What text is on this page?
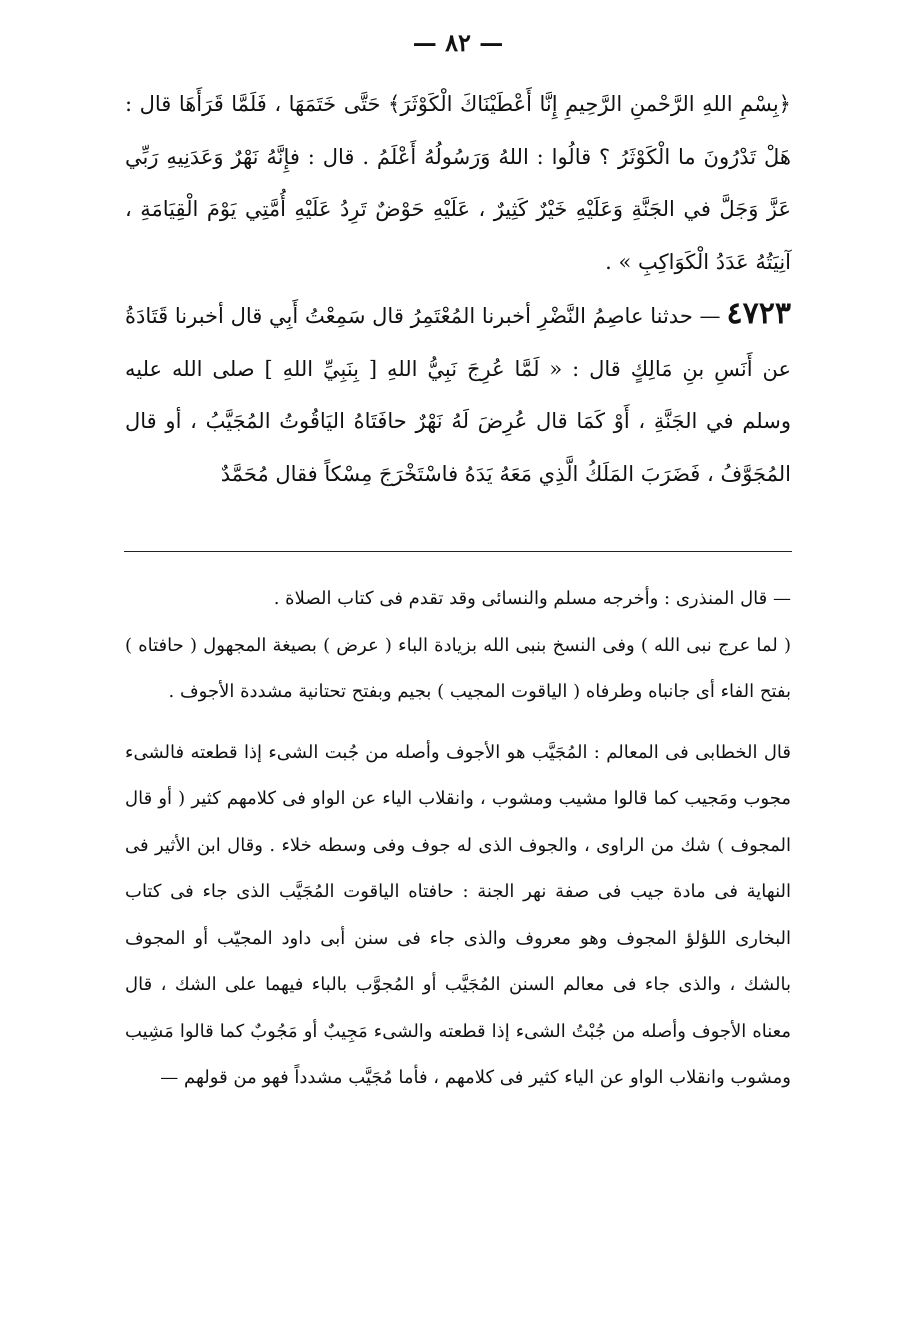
— ٨٢ —

﴿بِسْمِ اللهِ الرَّحْمنِ الرَّحِيمِ إِنَّا أَعْطَيْنَاكَ الْكَوْثَرَ﴾ حَتَّى خَتَمَهَا ، فَلَمَّا قَرَأَهَا قال : هَلْ تَدْرُونَ ما الْكَوْثَرُ ؟ قالُوا : اللهُ وَرَسُولُهُ أَعْلَمُ . قال : فإِنَّهُ نَهْرٌ وَعَدَنِيهِ رَبِّي عَزَّ وَجَلَّ في الجَنَّةِ وَعَلَيْهِ خَيْرٌ كَثِيرٌ ، عَلَيْهِ حَوْضٌ تَرِدُ عَلَيْهِ أُمَّتِي يَوْمَ الْقِيَامَةِ ، آنِيَتُهُ عَدَدُ الْكَوَاكِبِ » .

٤٧٢٣— حدثنا عاصِمُ النَّضْرِ أخبرنا المُعْتَمِرُ قال سَمِعْتُ أَبِي قال أخبرنا قَتَادَةُ عن أَنَسِ بنِ مَالِكٍ قال : « لَمَّا عُرِجَ نَبِيُّ اللهِ [ بِنَبِيِّ اللهِ ] صلى الله عليه وسلم في الجَنَّةِ ، أَوْ كَمَا قال عُرِضَ لَهُ نَهْرٌ حافَتَاهُ اليَاقُوتُ المُجَيَّبُ ، أو قال المُجَوَّفُ ، فَضَرَبَ المَلَكُ الَّذِي مَعَهُ يَدَهُ فاسْتَخْرَجَ مِسْكاً فقال مُحَمَّدٌ

— قال المنذرى : وأخرجه مسلم والنسائى وقد تقدم فى كتاب الصلاة .

( لما عرج نبى الله ) وفى النسخ بنبى الله بزيادة الباء ( عرض ) بصيغة المجهول ( حافتاه ) بفتح الفاء أى جانباه وطرفاه ( الياقوت المجيب ) بجيم وبفتح تحتانية مشددة الأجوف .

قال الخطابى فى المعالم : المُجَيَّب هو الأجوف وأصله من جُبت الشىء إذا قطعته فالشىء مجوب ومَجيب كما قالوا مشيب ومشوب ، وانقلاب الياء عن الواو فى كلامهم كثير ( أو قال المجوف ) شك من الراوى ، والجوف الذى له جوف وفى وسطه خلاء . وقال ابن الأثير فى النهاية فى مادة جيب فى صفة نهر الجنة : حافتاه الياقوت المُجَيَّب الذى جاء فى كتاب البخارى اللؤلؤ المجوف وهو معروف والذى جاء فى سنن أبى داود المجيّب أو المجوف بالشك ، والذى جاء فى معالم السنن المُجَيَّب أو المُجوَّب بالباء فيهما على الشك ، قال معناه الأجوف وأصله من جُبْتُ الشىء إذا قطعته والشىء مَجِيبٌ أو مَجُوبٌ كما قالوا مَشِيب ومشوب وانقلاب الواو عن الياء كثير فى كلامهم ، فأما مُجَيَّب مشدداً فهو من قولهم —
